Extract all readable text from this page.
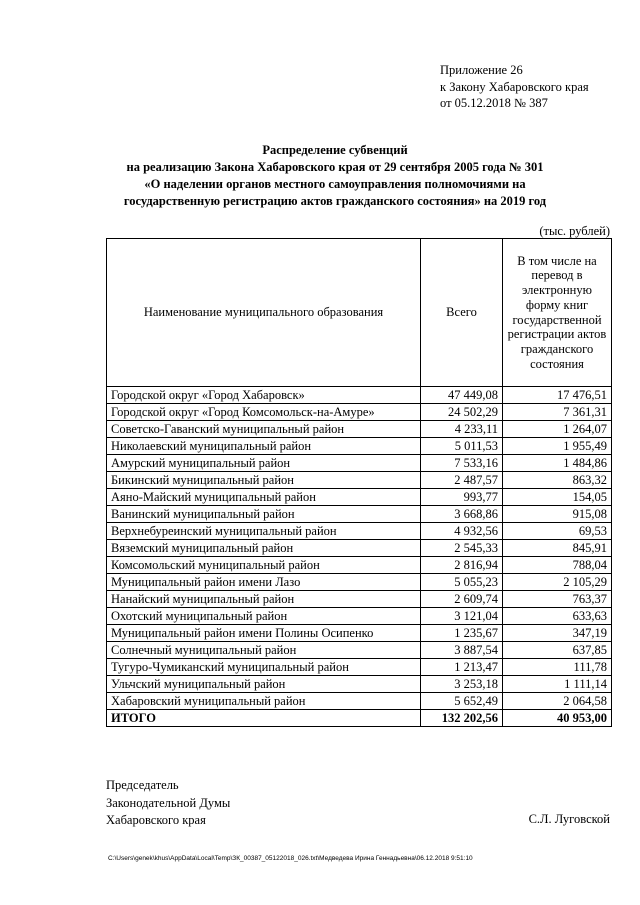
Приложение 26
к Закону Хабаровского края
от 05.12.2018 № 387
Распределение субвенций
на реализацию Закона Хабаровского края от 29 сентября 2005 года № 301
«О наделении органов местного самоуправления полномочиями на
государственную регистрацию актов гражданского состояния» на 2019 год
(тыс. рублей)
Наименование муниципального образования	Всего	В том числе на перевод в электронную форму книг государственной регистрации актов гражданского состояния
Городской округ «Город Хабаровск»	47 449,08	17 476,51
Городской округ «Город Комсомольск-на-Амуре»	24 502,29	7 361,31
Советско-Гаванский муниципальный район	4 233,11	1 264,07
Николаевский муниципальный район	5 011,53	1 955,49
Амурский муниципальный район	7 533,16	1 484,86
Бикинский муниципальный район	2 487,57	863,32
Аяно-Майский муниципальный район	993,77	154,05
Ванинский муниципальный район	3 668,86	915,08
Верхнебуреинский муниципальный район	4 932,56	69,53
Вяземский муниципальный район	2 545,33	845,91
Комсомольский муниципальный район	2 816,94	788,04
Муниципальный район имени Лазо	5 055,23	2 105,29
Нанайский муниципальный район	2 609,74	763,37
Охотский муниципальный район	3 121,04	633,63
Муниципальный район имени Полины Осипенко	1 235,67	347,19
Солнечный муниципальный район	3 887,54	637,85
Тугуро-Чумиканский муниципальный район	1 213,47	111,78
Ульчский муниципальный район	3 253,18	1 111,14
Хабаровский муниципальный район	5 652,49	2 064,58
ИТОГО	132 202,56	40 953,00
Председатель
Законодательной Думы
Хабаровского края	С.Л. Луговской
C:\Users\genek\khus\AppData\Local\Temp\ЗК_00387_05122018_026.txt\Медведева Ирина Геннадьевна\06.12.2018 9:51:10
